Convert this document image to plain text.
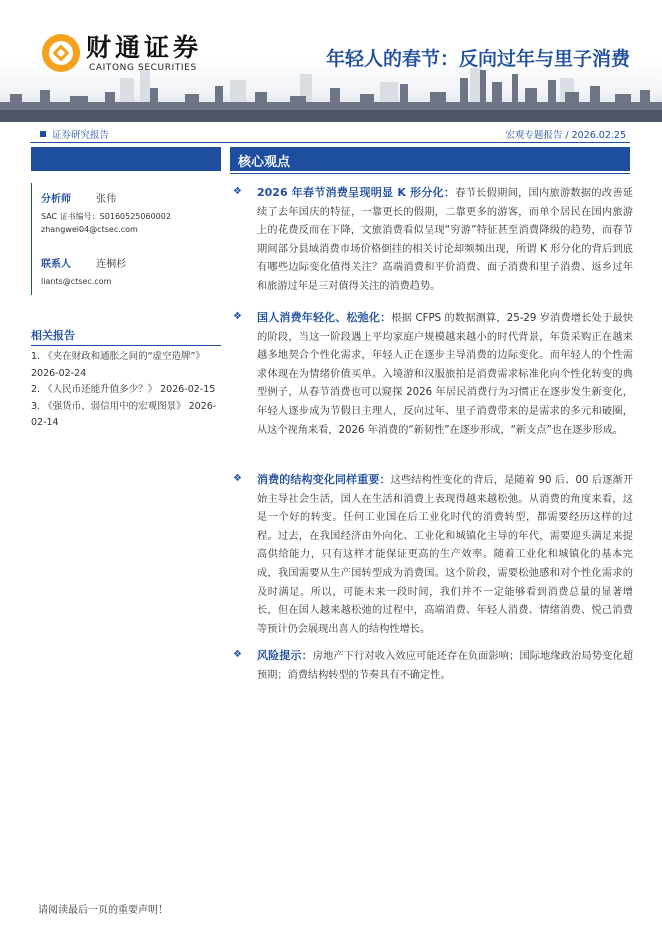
财通证券
CAITONG SECURITIES	年轻人的春节：反向过年与里子消费
证券研究报告	宏观专题报告 / 2026.02.25
分析师	张伟
SAC 证书编号：S0160525060002
zhangwei04@ctsec.com
联系人	连桐杉
liants@ctsec.com
相关报告
1. 《夹在财政和通胀之间的“虚空造牌”》 2026-02-24
2. 《人民币还能升值多少？》 2026-02-15
3. 《强货币、弱信用中的宏观图景》 2026-02-14
核心观点
❖ 2026 年春节消费呈现明显 K 形分化：春节长假期间，国内旅游数据的改善延续了去年国庆的特征，一靠更长的假期，二靠更多的游客，而单个居民在国内旅游上的花费反而在下降，文旅消费看似呈现“穷游”特征甚至消费降级的趋势，而春节期间部分县域消费市场价格倒挂的相关讨论却频频出现，所谓 K 形分化的背后到底有哪些边际变化值得关注？高端消费和平价消费、面子消费和里子消费、返乡过年和旅游过年是三对值得关注的消费趋势。

❖ 国人消费年轻化、松弛化：根据 CFPS 的数据测算，25-29 岁消费增长处于最快的阶段，当这一阶段遇上平均家庭户规模越来越小的时代背景，年货采购正在越来越多地契合个性化需求，年轻人正在逐步主导消费的边际变化。而年轻人的个性需求体现在为情绪价值买单。入境游和汉服旅拍是消费需求标准化向个性化转变的典型例子，从春节消费也可以窥探 2026 年居民消费行为习惯正在逐步发生新变化，年轻人逐步成为节假日主理人，反向过年、里子消费带来的是需求的多元和破圈，从这个视角来看，2026 年消费的“新韧性”在逐步形成，“新支点”也在逐步形成。

❖ 消费的结构变化同样重要：这些结构性变化的背后，是随着 90 后、00 后逐渐开始主导社会生活，国人在生活和消费上表现得越来越松弛。从消费的角度来看，这是一个好的转变。任何工业国在后工业化时代的消费转型，都需要经历这样的过程。过去，在我国经济由外向化、工业化和城镇化主导的年代，需要迎头满足来提高供给能力，只有这样才能保证更高的生产效率。随着工业化和城镇化的基本完成，我国需要从生产国转型成为消费国。这个阶段，需要松弛感和对个性化需求的及时满足。所以，可能未来一段时间，我们并不一定能够看到消费总量的显著增长，但在国人越来越松弛的过程中，高端消费、年轻人消费、情绪消费、悦己消费等预计仍会展现出喜人的结构性增长。

❖ 风险提示：房地产下行对收入效应可能还存在负面影响；国际地缘政治局势变化超预期；消费结构转型的节奏具有不确定性。

请阅读最后一页的重要声明！
